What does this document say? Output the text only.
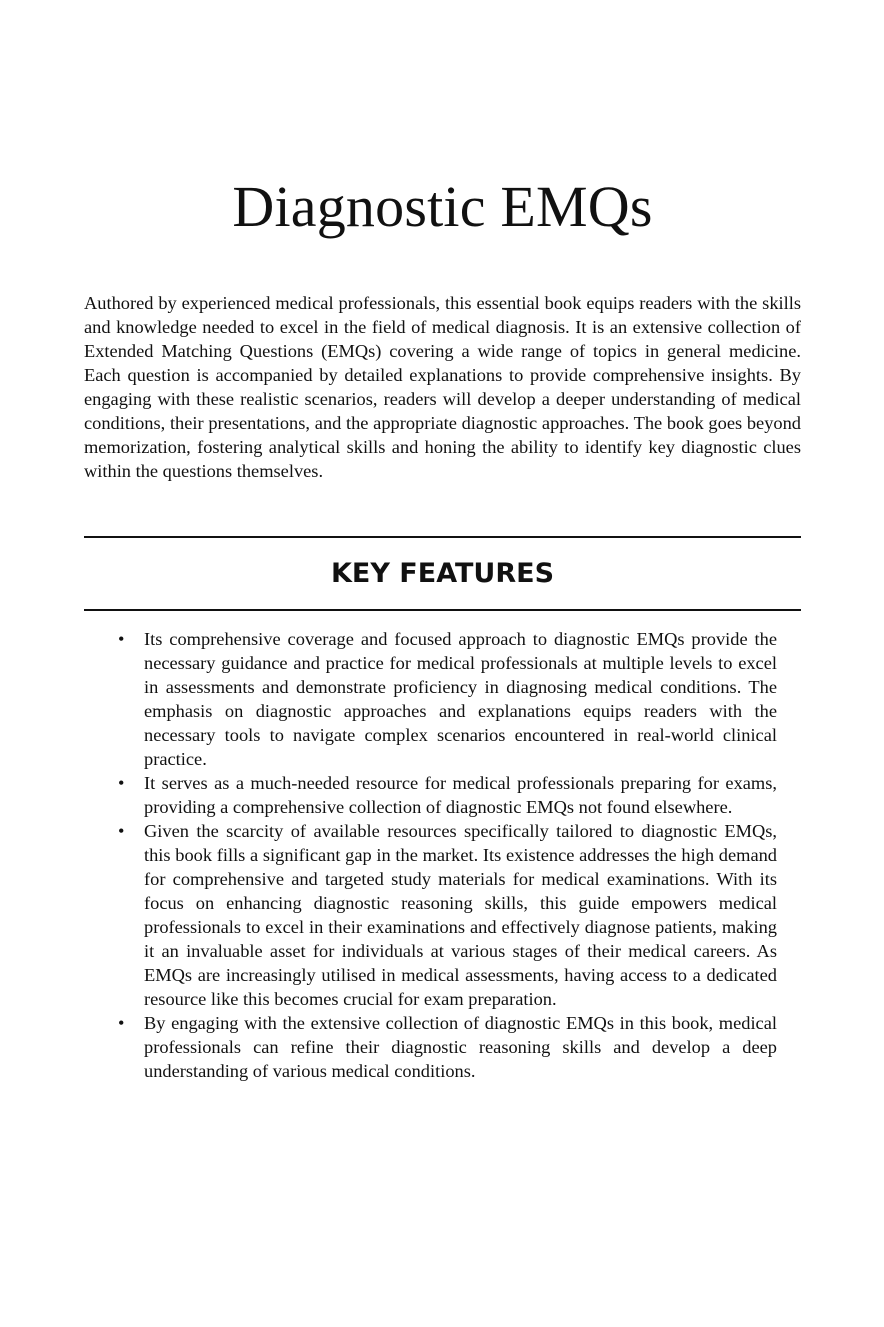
Diagnostic EMQs

Authored by experienced medical professionals, this essential book equips readers with the skills and knowledge needed to excel in the field of medical diagnosis. It is an extensive collection of Extended Matching Questions (EMQs) covering a wide range of topics in general medicine. Each question is accompanied by detailed explanations to provide comprehensive insights. By engaging with these realistic scenarios, readers will develop a deeper understanding of medical conditions, their presentations, and the appropriate diagnostic approaches. The book goes beyond memorization, fostering analytical skills and honing the ability to identify key diagnostic clues within the questions themselves.

KEY FEATURES
• Its comprehensive coverage and focused approach to diagnostic EMQs provide the necessary guidance and practice for medical professionals at multiple levels to excel in assessments and demonstrate proficiency in diagnosing medical conditions. The emphasis on diagnostic approaches and explanations equips readers with the necessary tools to navigate complex scenarios encountered in real-world clinical practice.
• It serves as a much-needed resource for medical professionals preparing for exams, providing a comprehensive collection of diagnostic EMQs not found elsewhere.
• Given the scarcity of available resources specifically tailored to diagnostic EMQs, this book fills a significant gap in the market. Its existence addresses the high demand for comprehensive and targeted study materials for medical examinations. With its focus on enhancing diagnostic reasoning skills, this guide empowers medical professionals to excel in their examinations and effectively diagnose patients, making it an invaluable asset for individuals at various stages of their medical careers. As EMQs are increasingly utilised in medical assessments, having access to a dedicated resource like this becomes crucial for exam preparation.
• By engaging with the extensive collection of diagnostic EMQs in this book, medical professionals can refine their diagnostic reasoning skills and develop a deep understanding of various medical conditions.
